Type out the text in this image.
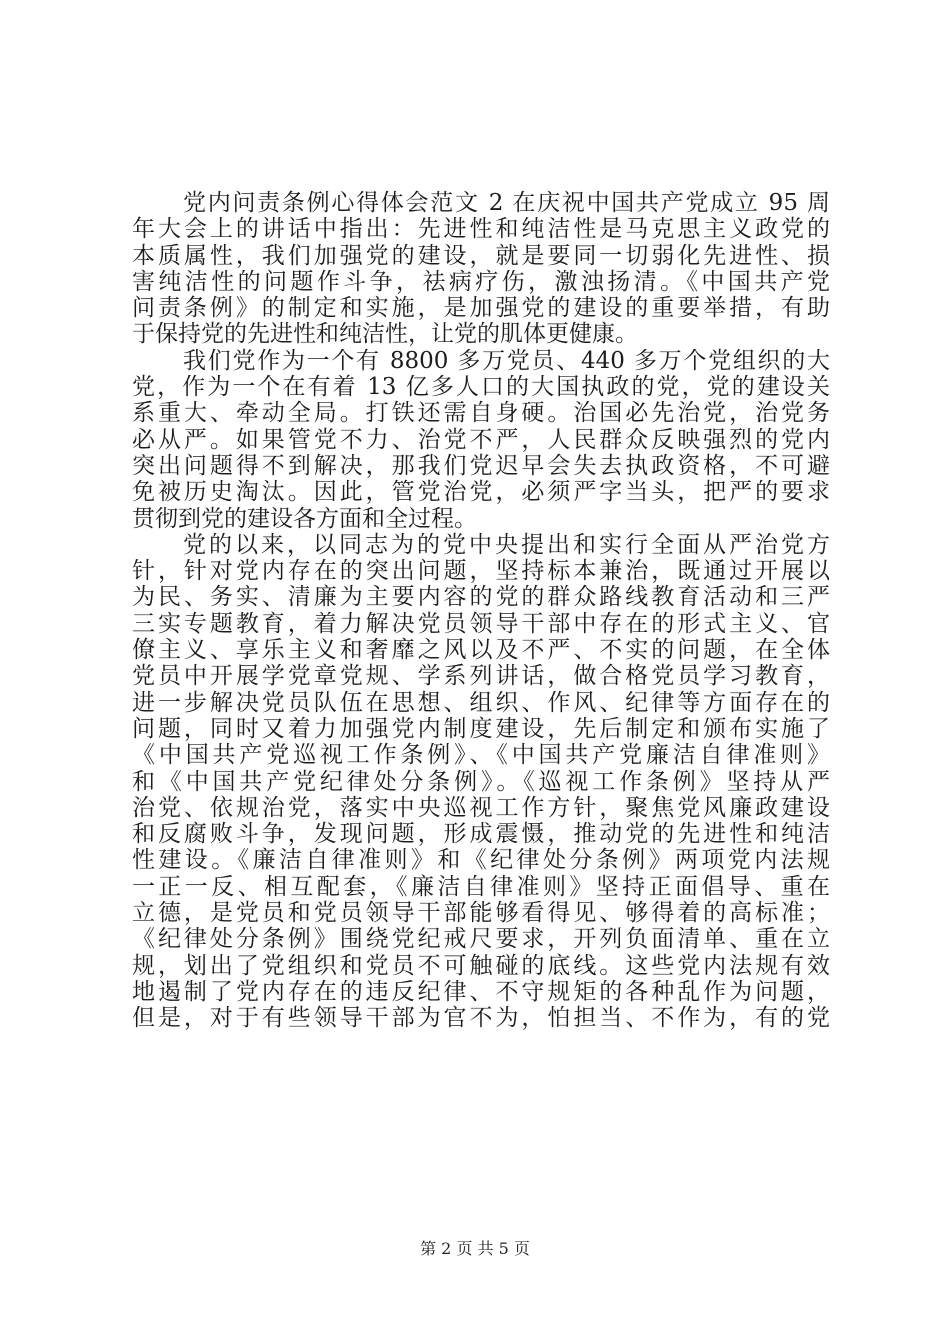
党内问责条例心得体会范文 2 在庆祝中国共产党成立 95 周
年大会上的讲话中指出：先进性和纯洁性是马克思主义政党的
本质属性，我们加强党的建设，就是要同一切弱化先进性、损
害纯洁性的问题作斗争，祛病疗伤，激浊扬清。《中国共产党
问责条例》的制定和实施，是加强党的建设的重要举措，有助
于保持党的先进性和纯洁性，让党的肌体更健康。
我们党作为一个有 8800 多万党员、440 多万个党组织的大
党，作为一个在有着 13 亿多人口的大国执政的党，党的建设关
系重大、牵动全局。打铁还需自身硬。治国必先治党，治党务
必从严。如果管党不力、治党不严，人民群众反映强烈的党内
突出问题得不到解决，那我们党迟早会失去执政资格，不可避
免被历史淘汰。因此，管党治党，必须严字当头，把严的要求
贯彻到党的建设各方面和全过程。
党的以来，以同志为的党中央提出和实行全面从严治党方
针，针对党内存在的突出问题，坚持标本兼治，既通过开展以
为民、务实、清廉为主要内容的党的群众路线教育活动和三严
三实专题教育，着力解决党员领导干部中存在的形式主义、官
僚主义、享乐主义和奢靡之风以及不严、不实的问题，在全体
党员中开展学党章党规、学系列讲话，做合格党员学习教育，
进一步解决党员队伍在思想、组织、作风、纪律等方面存在的
问题，同时又着力加强党内制度建设，先后制定和颁布实施了
《中国共产党巡视工作条例》、《中国共产党廉洁自律准则》
和《中国共产党纪律处分条例》。《巡视工作条例》坚持从严
治党、依规治党，落实中央巡视工作方针，聚焦党风廉政建设
和反腐败斗争，发现问题，形成震慑，推动党的先进性和纯洁
性建设。《廉洁自律准则》和《纪律处分条例》两项党内法规
一正一反、相互配套，《廉洁自律准则》坚持正面倡导、重在
立德，是党员和党员领导干部能够看得见、够得着的高标准；
《纪律处分条例》围绕党纪戒尺要求，开列负面清单、重在立
规，划出了党组织和党员不可触碰的底线。这些党内法规有效
地遏制了党内存在的违反纪律、不守规矩的各种乱作为问题，
但是，对于有些领导干部为官不为，怕担当、不作为，有的党
第 2 页 共 5 页
